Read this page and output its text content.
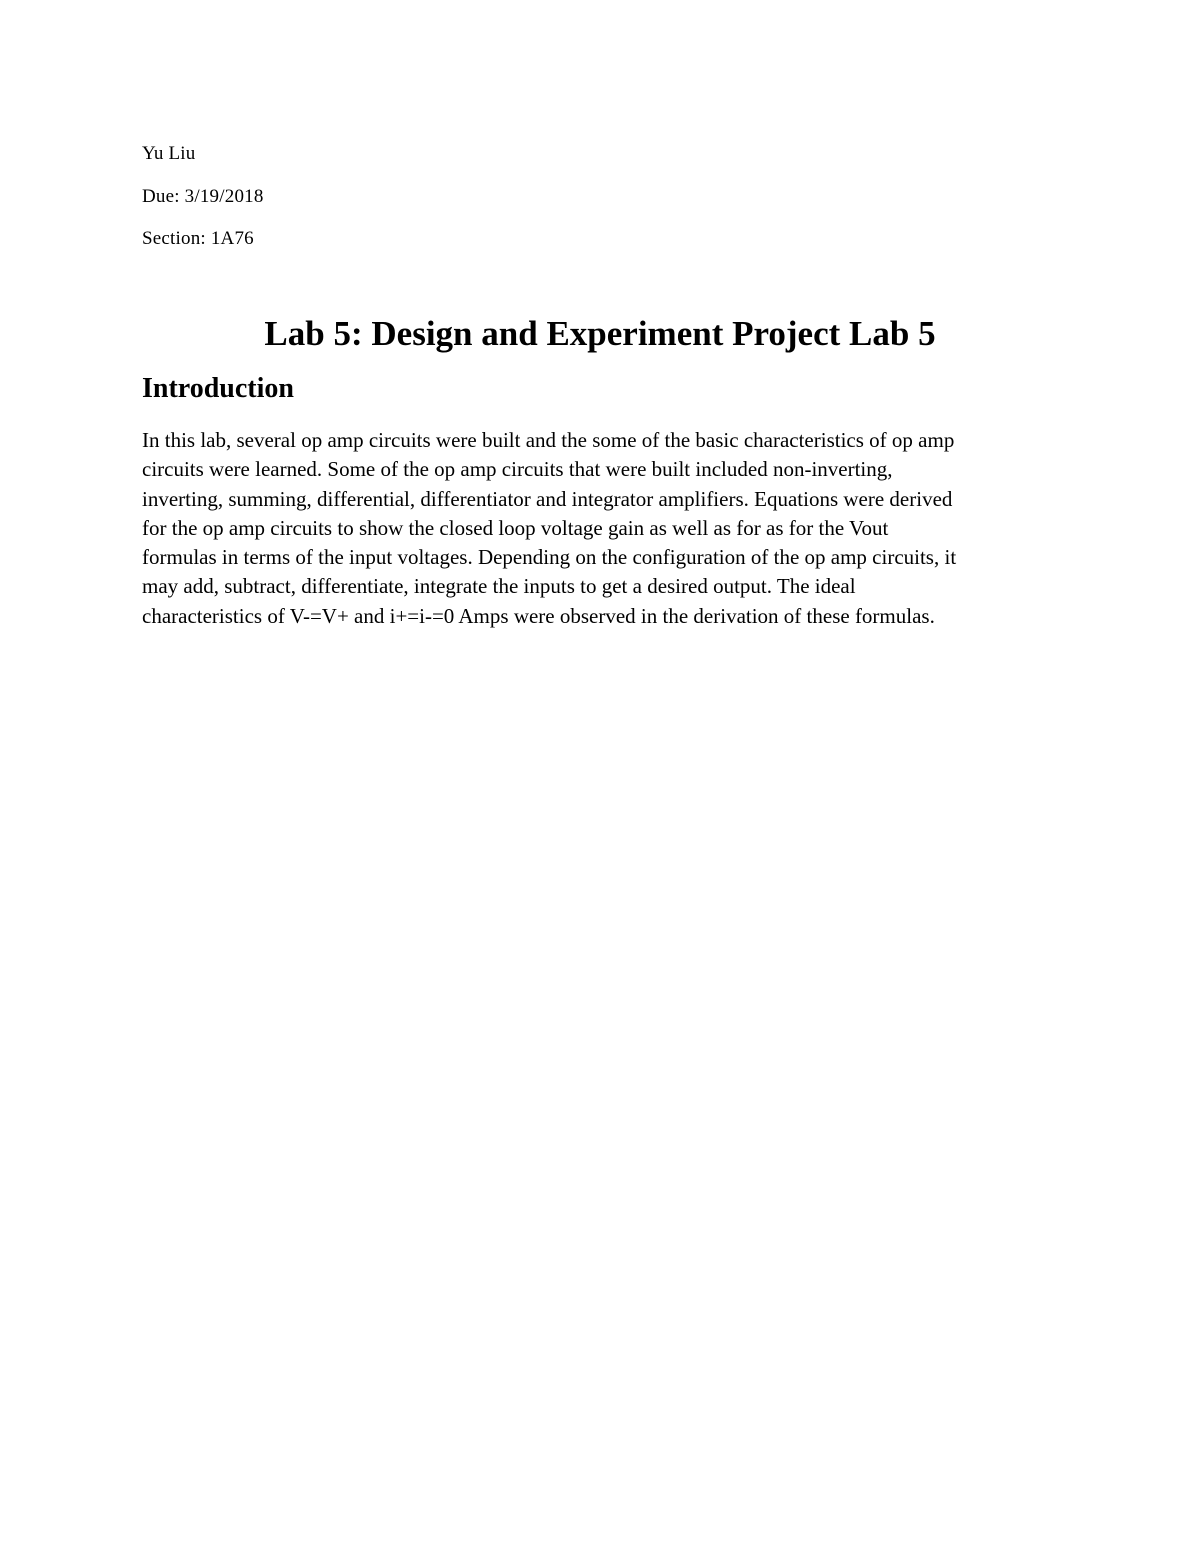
Yu Liu
Due: 3/19/2018
Section: 1A76
Lab 5: Design and Experiment Project Lab 5
Introduction
In this lab, several op amp circuits were built and the some of the basic characteristics of op amp
circuits were learned. Some of the op amp circuits that were built included non-inverting,
inverting, summing, differential, differentiator and integrator amplifiers. Equations were derived
for the op amp circuits to show the closed loop voltage gain as well as for as for the Vout
formulas in terms of the input voltages. Depending on the configuration of the op amp circuits, it
may add, subtract, differentiate, integrate the inputs to get a desired output. The ideal
characteristics of V-=V+ and i+=i-=0 Amps were observed in the derivation of these formulas.
